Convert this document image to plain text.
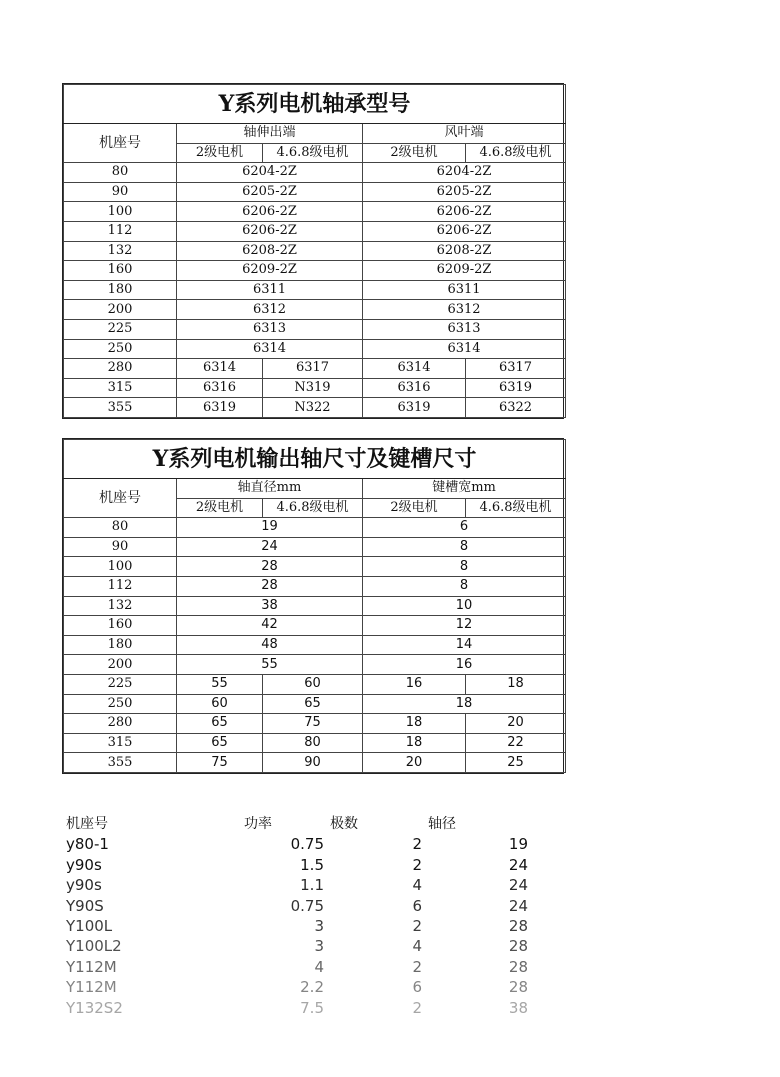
Y系列电机轴承型号				
机座号	轴伸出端		风叶端	
	2级电机	4.6.8级电机	2级电机	4.6.8级电机
80	6204-2Z		6204-2Z	
90	6205-2Z		6205-2Z	
100	6206-2Z		6206-2Z	
112	6206-2Z		6206-2Z	
132	6208-2Z		6208-2Z	
160	6209-2Z		6209-2Z	
180	6311		6311	
200	6312		6312	
225	6313		6313	
250	6314		6314	
280	6314	6317	6314	6317
315	6316	N319	6316	6319
355	6319	N322	6319	6322
Y系列电机输出轴尺寸及键槽尺寸				
机座号	轴直径mm		键槽宽mm	
	2级电机	4.6.8级电机	2级电机	4.6.8级电机
80	19		6	
90	24		8	
100	28		8	
112	28		8	
132	38		10	
160	42		12	
180	48		14	
200	55		16	
225	55	60	16	18
250	60	65	18	
280	65	75	18	20
315	65	80	18	22
355	75	90	20	25
机座号	功率	极数	轴径
y80-1	0.75	2	19
y90s	1.5	2	24
y90s	1.1	4	24
Y90S	0.75	6	24
Y100L	3	2	28
Y100L2	3	4	28
Y112M	4	2	28
Y112M	2.2	6	28
Y132S2	7.5	2	38
